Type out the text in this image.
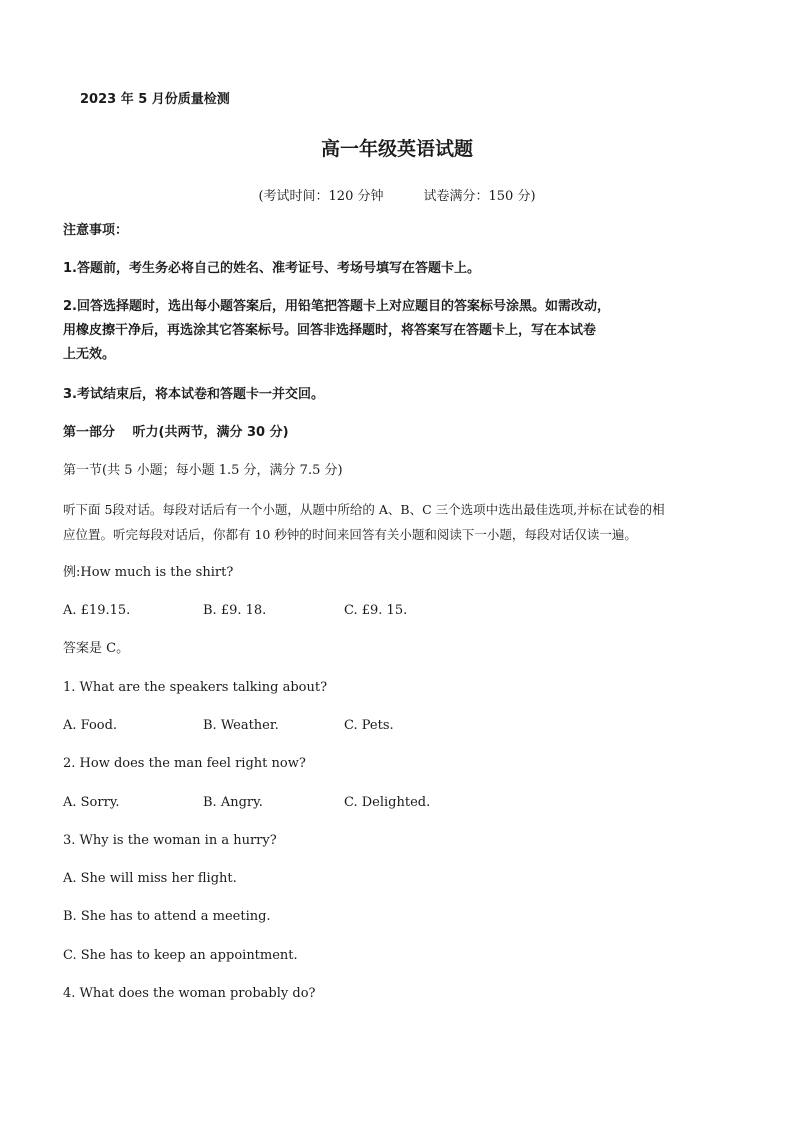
2023 年 5 月份质量检测
高一年级英语试题
(考试时间：120 分钟	试卷满分：150 分)
注意事项：
1.答题前，考生务必将自己的姓名、准考证号、考场号填写在答题卡上。
2.回答选择题时，选出每小题答案后，用铅笔把答题卡上对应题目的答案标号涂黑。如需改动，
用橡皮擦干净后，再选涂其它答案标号。回答非选择题时，将答案写在答题卡上，写在本试卷
上无效。
3.考试结束后，将本试卷和答题卡一并交回。
第一部分　 听力(共两节，满分 30 分)
第一节(共 5 小题；每小题 1.5 分，满分 7.5 分)
听下面 5段对话。每段对话后有一个小题，从题中所给的 A、B、C 三个选项中选出最佳选项,并标在试卷的相
应位置。听完每段对话后，你都有 10 秒钟的时间来回答有关小题和阅读下一小题，每段对话仅读一遍。
例:How much is the shirt?
A. £19.15.	B. £9. 18.	C. £9. 15.
答案是 C。
1. What are the speakers talking about?
A. Food.	B. Weather.	C. Pets.
2. How does the man feel right now?
A. Sorry.	B. Angry.	C. Delighted.
3. Why is the woman in a hurry?
A. She will miss her flight.
B. She has to attend a meeting.
C. She has to keep an appointment.
4. What does the woman probably do?
